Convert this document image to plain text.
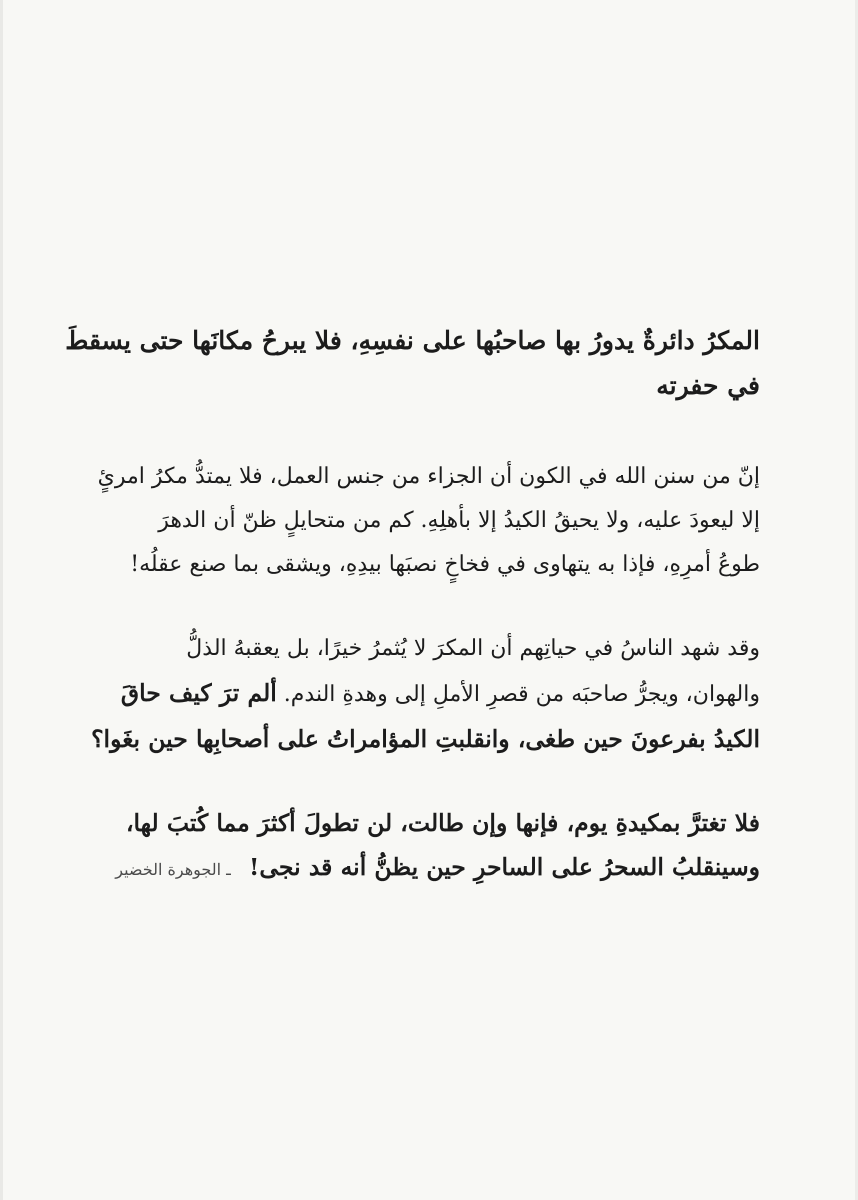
المكرُ دائرةٌ يدورُ بها صاحبُها على نفسِهِ، فلا يبرحُ مكانَها حتى يسقطَ
في حفرته
إنّ من سنن الله في الكون أن الجزاء من جنس العمل، فلا يمتدُّ مكرُ امرئٍ
إلا ليعودَ عليه، ولا يحيقُ الكيدُ إلا بأهلِهِ. كم من متحايلٍ ظنّ أن الدهرَ
طوعُ أمرِهِ، فإذا به يتهاوى في فخاخٍ نصبَها بيدِهِ، ويشقى بما صنع عقلُه!
وقد شهد الناسُ في حياتِهم أن المكرَ لا يُثمرُ خيرًا، بل يعقبهُ الذلُّ
والهوان، ويجرُّ صاحبَه من قصرِ الأملِ إلى وهدةِ الندم. ألم ترَ كيف حاقَ
الكيدُ بفرعونَ حين طغى، وانقلبتِ المؤامراتُ على أصحابِها حين بغَوا؟
فلا تغترَّ بمكيدةِ يوم، فإنها وإن طالت، لن تطولَ أكثرَ مما كُتبَ لها،
وسينقلبُ السحرُ على الساحرِ حين يظنُّ أنه قد نجى! ـ الجوهرة الخضير
